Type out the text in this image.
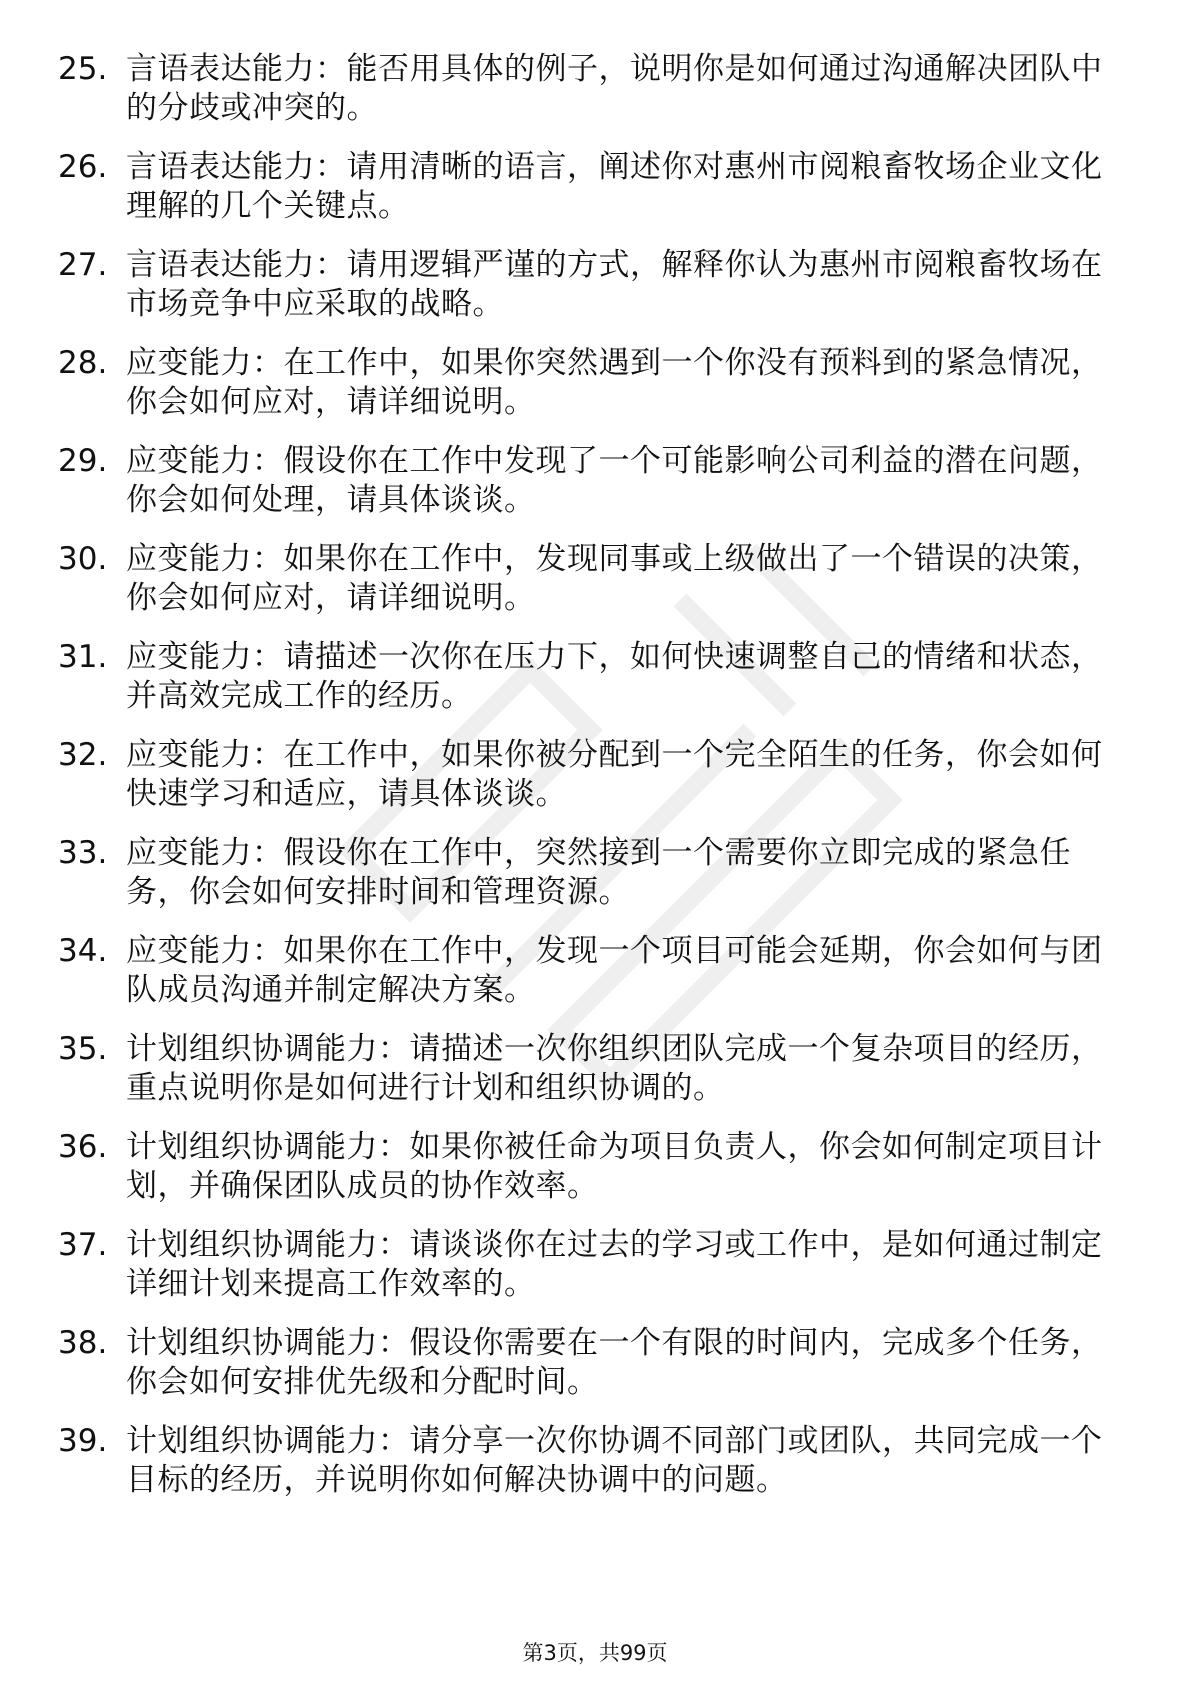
25. 言语表达能力：能否用具体的例子，说明你是如何通过沟通解决团队中的分歧或冲突的。
26. 言语表达能力：请用清晰的语言，阐述你对惠州市阅粮畜牧场企业文化理解的几个关键点。
27. 言语表达能力：请用逻辑严谨的方式，解释你认为惠州市阅粮畜牧场在市场竞争中应采取的战略。
28. 应变能力：在工作中，如果你突然遇到一个你没有预料到的紧急情况，你会如何应对，请详细说明。
29. 应变能力：假设你在工作中发现了一个可能影响公司利益的潜在问题，你会如何处理，请具体谈谈。
30. 应变能力：如果你在工作中，发现同事或上级做出了一个错误的决策，你会如何应对，请详细说明。
31. 应变能力：请描述一次你在压力下，如何快速调整自己的情绪和状态，并高效完成工作的经历。
32. 应变能力：在工作中，如果你被分配到一个完全陌生的任务，你会如何快速学习和适应，请具体谈谈。
33. 应变能力：假设你在工作中，突然接到一个需要你立即完成的紧急任务，你会如何安排时间和管理资源。
34. 应变能力：如果你在工作中，发现一个项目可能会延期，你会如何与团队成员沟通并制定解决方案。
35. 计划组织协调能力：请描述一次你组织团队完成一个复杂项目的经历，重点说明你是如何进行计划和组织协调的。
36. 计划组织协调能力：如果你被任命为项目负责人，你会如何制定项目计划，并确保团队成员的协作效率。
37. 计划组织协调能力：请谈谈你在过去的学习或工作中，是如何通过制定详细计划来提高工作效率的。
38. 计划组织协调能力：假设你需要在一个有限的时间内，完成多个任务，你会如何安排优先级和分配时间。
39. 计划组织协调能力：请分享一次你协调不同部门或团队，共同完成一个目标的经历，并说明你如何解决协调中的问题。
第3页，共99页
